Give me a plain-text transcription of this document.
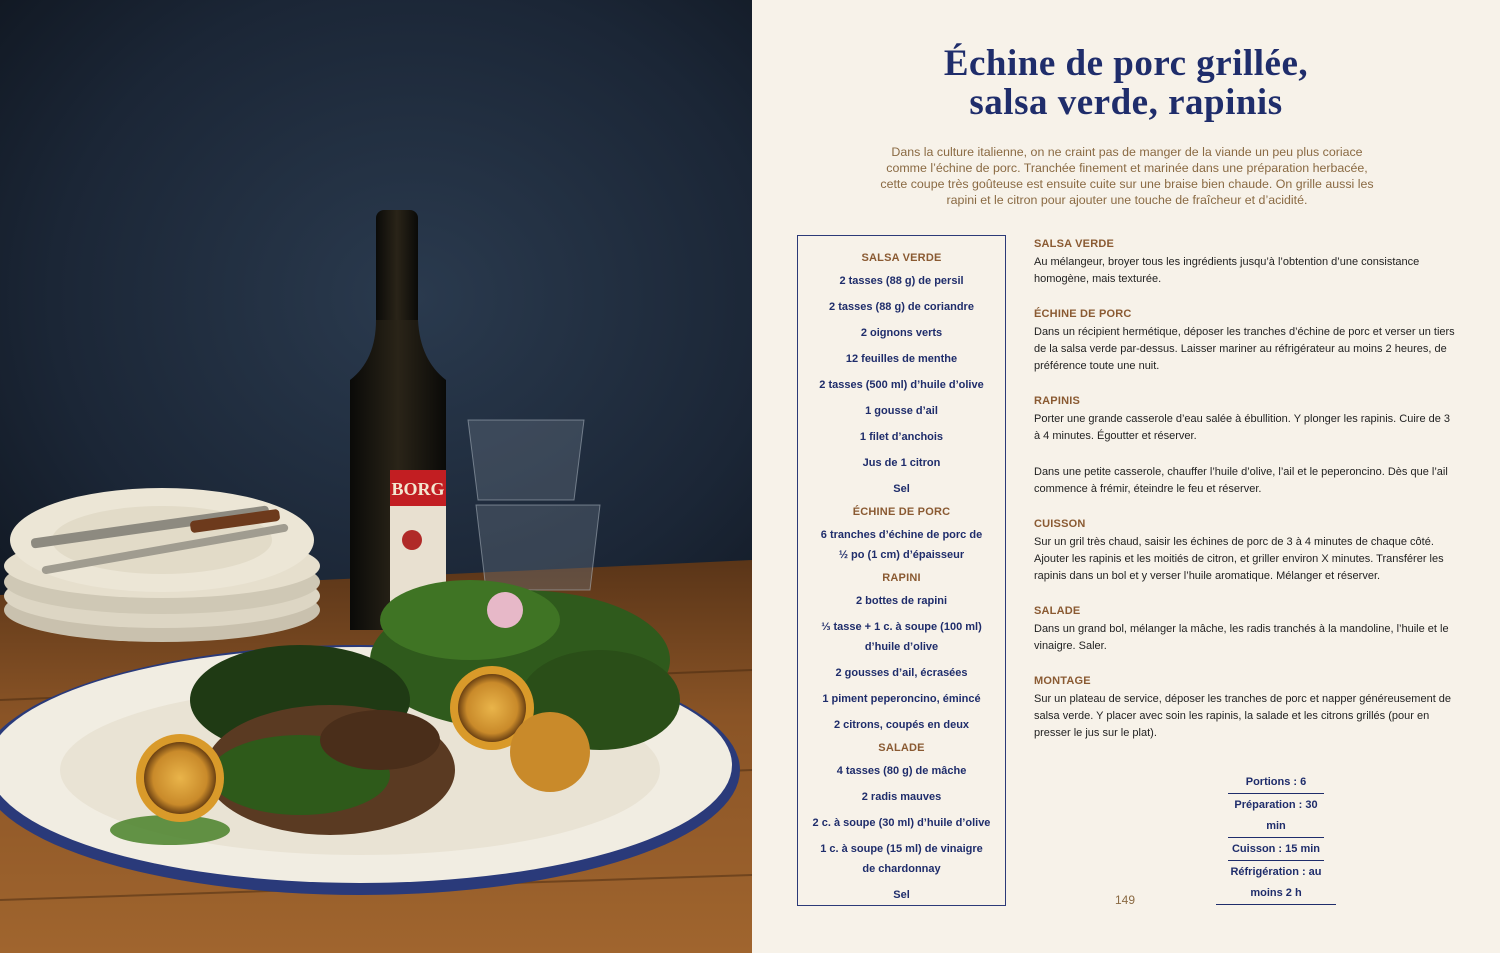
BORG
Échine de porc grillée,
salsa verde, rapinis

Dans la culture italienne, on ne craint pas de manger de la viande un peu plus coriace comme l’échine de porc. Tranchée finement et marinée dans une préparation herbacée, cette coupe très goûteuse est ensuite cuite sur une braise bien chaude. On grille aussi les rapini et le citron pour ajouter une touche de fraîcheur et d’acidité.

SALSA VERDE
2 tasses (88 g) de persil
2 tasses (88 g) de coriandre
2 oignons verts
12 feuilles de menthe
2 tasses (500 ml) d’huile d’olive
1 gousse d’ail
1 filet d’anchois
Jus de 1 citron
Sel
ÉCHINE DE PORC
6 tranches d’échine de porc de ½ po (1 cm) d’épaisseur
RAPINI
2 bottes de rapini
⅓ tasse + 1 c. à soupe (100 ml) d’huile d’olive
2 gousses d’ail, écrasées
1 piment peperoncino, émincé
2 citrons, coupés en deux
SALADE
4 tasses (80 g) de mâche
2 radis mauves
2 c. à soupe (30 ml) d’huile d’olive
1 c. à soupe (15 ml) de vinaigre de chardonnay
Sel
SALSA VERDE

Au mélangeur, broyer tous les ingrédients jusqu’à l’obtention d’une consistance homogène, mais texturée.

ÉCHINE DE PORC

Dans un récipient hermétique, déposer les tranches d’échine de porc et verser un tiers de la salsa verde par-dessus. Laisser mariner au réfrigérateur au moins 2 heures, de préférence toute une nuit.

RAPINIS

Porter une grande casserole d’eau salée à ébullition. Y plonger les rapinis. Cuire de 3 à 4 minutes. Égoutter et réserver.

Dans une petite casserole, chauffer l’huile d’olive, l’ail et le peperoncino. Dès que l’ail commence à frémir, éteindre le feu et réserver.

CUISSON

Sur un gril très chaud, saisir les échines de porc de 3 à 4 minutes de chaque côté. Ajouter les rapinis et les moitiés de citron, et griller environ X minutes. Transférer les rapinis dans un bol et y verser l’huile aromatique. Mélanger et réserver.

SALADE

Dans un grand bol, mélanger la mâche, les radis tranchés à la mandoline, l’huile et le vinaigre. Saler.

MONTAGE

Sur un plateau de service, déposer les tranches de porc et napper généreusement de salsa verde. Y placer avec soin les rapinis, la salade et les citrons grillés (pour en presser le jus sur le plat).

Portions : 6
Préparation : 30 min
Cuisson : 15 min
Réfrigération : au moins 2 h
149
